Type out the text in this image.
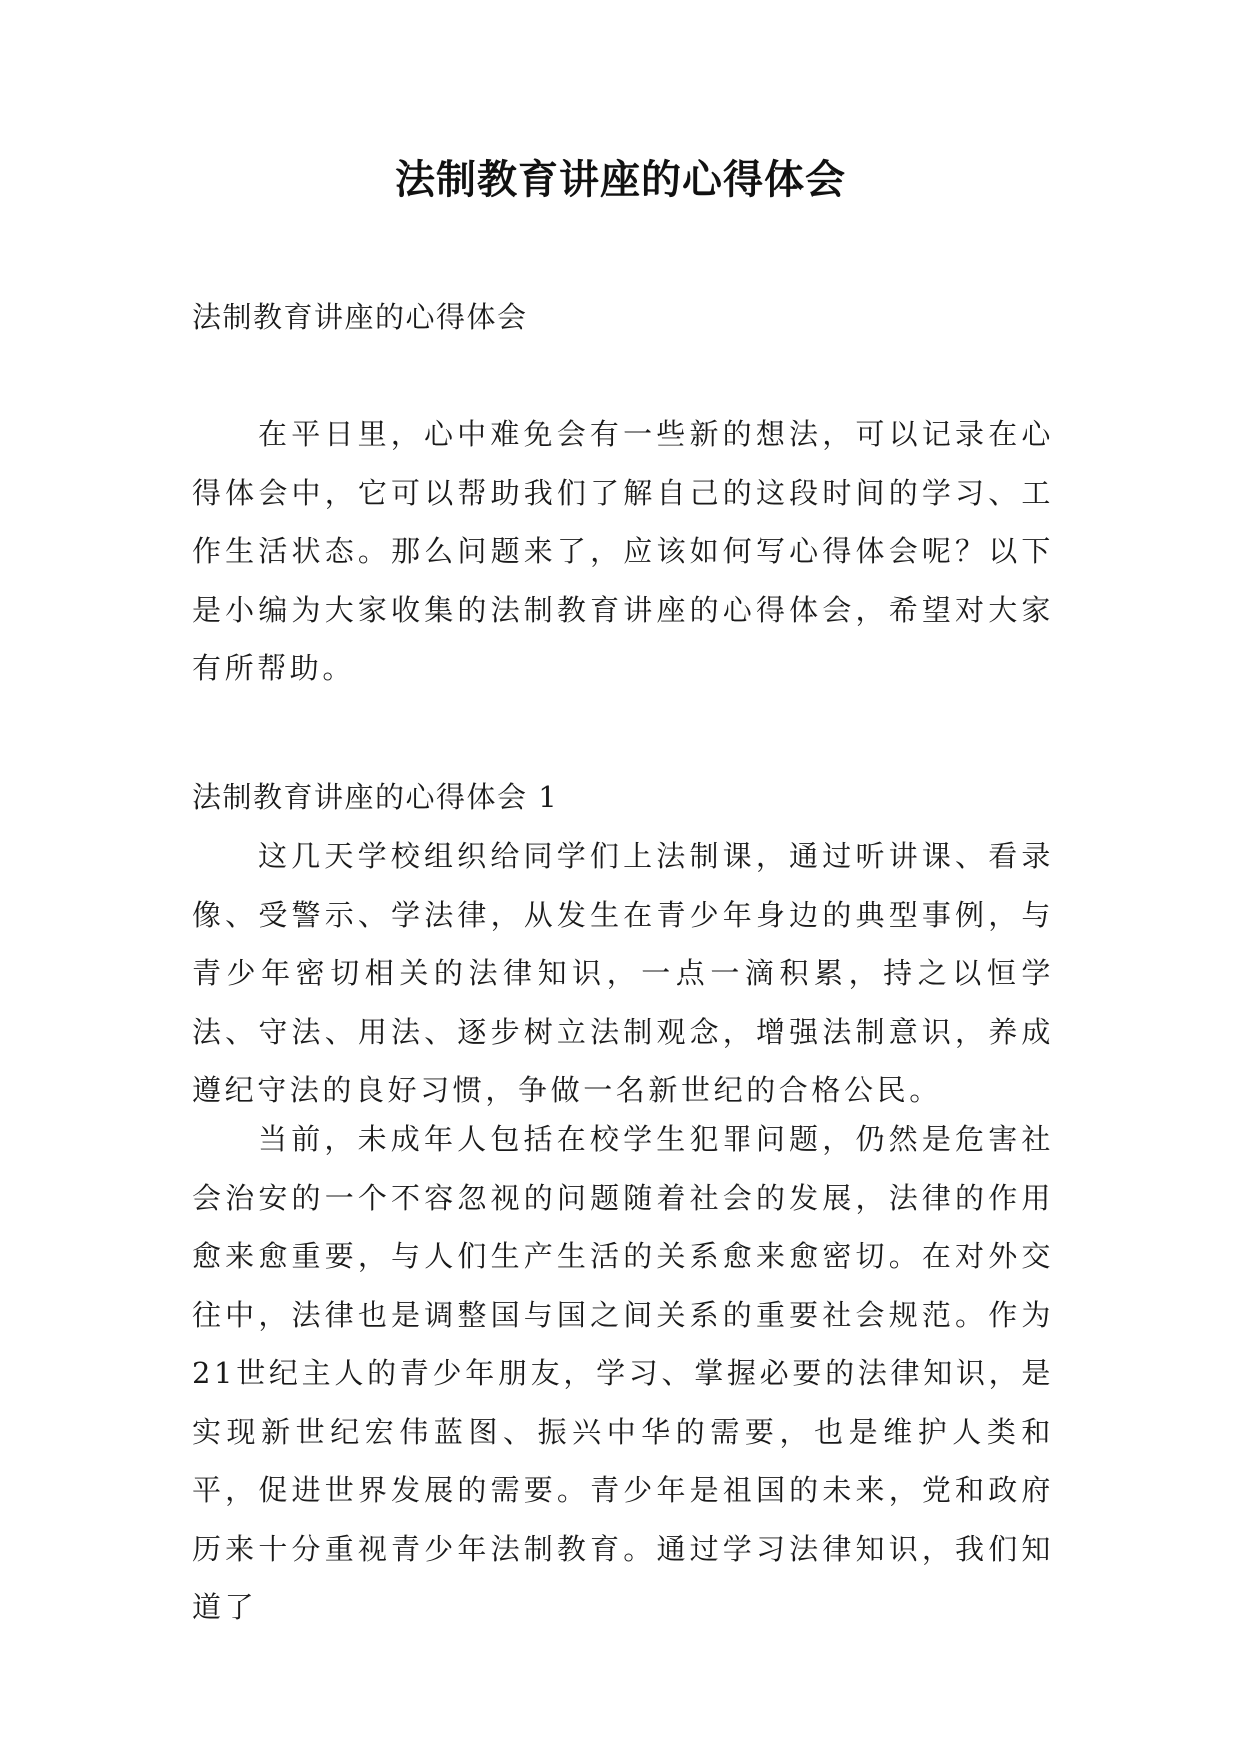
法制教育讲座的心得体会

法制教育讲座的心得体会

在平日里，心中难免会有一些新的想法，可以记录在心得体会中，它可以帮助我们了解自己的这段时间的学习、工作生活状态。那么问题来了，应该如何写心得体会呢？以下是小编为大家收集的法制教育讲座的心得体会，希望对大家有所帮助。

法制教育讲座的心得体会 1

这几天学校组织给同学们上法制课，通过听讲课、看录像、受警示、学法律，从发生在青少年身边的典型事例，与青少年密切相关的法律知识，一点一滴积累，持之以恒学法、守法、用法、逐步树立法制观念，增强法制意识，养成遵纪守法的良好习惯，争做一名新世纪的合格公民。

当前，未成年人包括在校学生犯罪问题，仍然是危害社会治安的一个不容忽视的问题随着社会的发展，法律的作用愈来愈重要，与人们生产生活的关系愈来愈密切。在对外交往中，法律也是调整国与国之间关系的重要社会规范。作为21世纪主人的青少年朋友，学习、掌握必要的法律知识，是实现新世纪宏伟蓝图、振兴中华的需要，也是维护人类和平，促进世界发展的需要。青少年是祖国的未来，党和政府历来十分重视青少年法制教育。通过学习法律知识，我们知道了
